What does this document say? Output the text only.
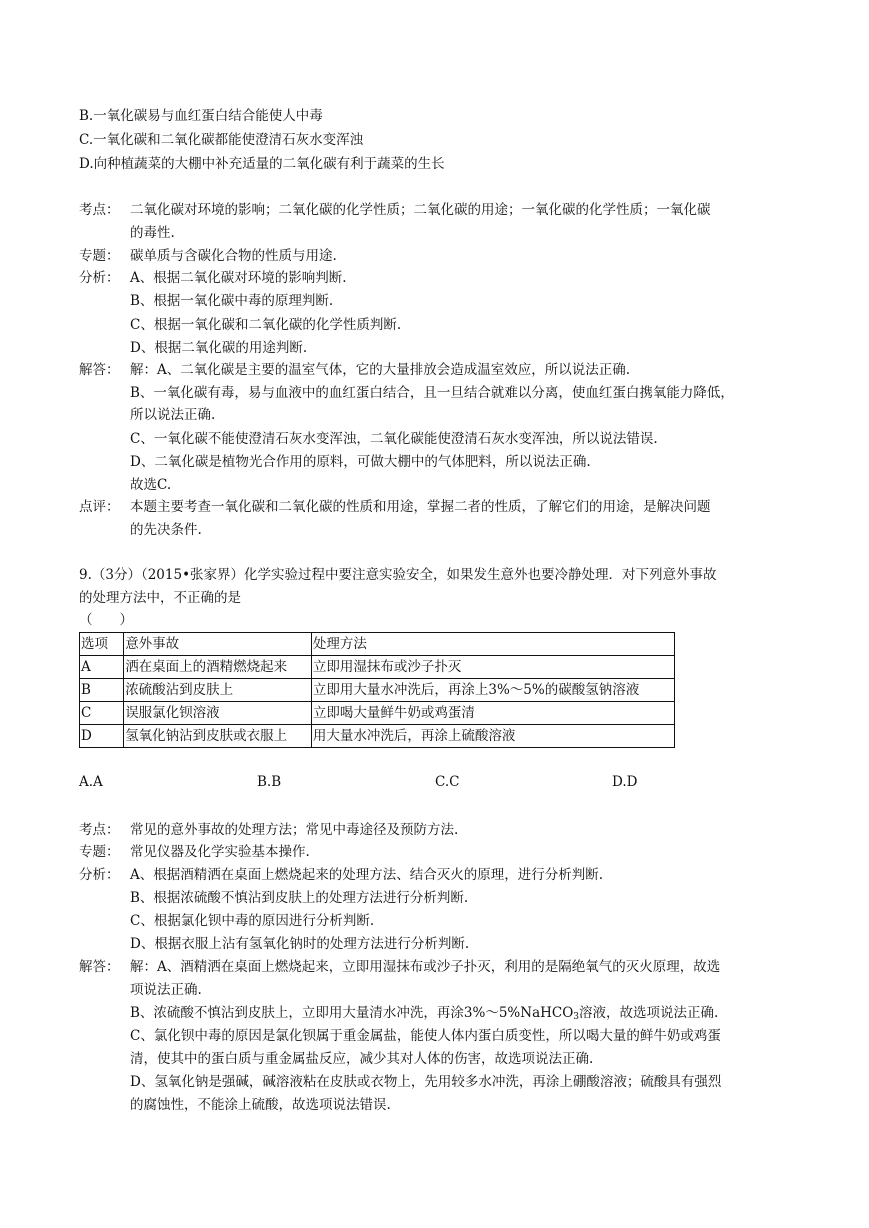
B.一氧化碳易与血红蛋白结合能使人中毒
C.一氧化碳和二氧化碳都能使澄清石灰水变浑浊
D.向种植蔬菜的大棚中补充适量的二氧化碳有利于蔬菜的生长
考点： 二氧化碳对环境的影响；二氧化碳的化学性质；二氧化碳的用途；一氧化碳的化学性质；一氧化碳
的毒性.
专题： 碳单质与含碳化合物的性质与用途.
分析： A、根据二氧化碳对环境的影响判断.
B、根据一氧化碳中毒的原理判断.
C、根据一氧化碳和二氧化碳的化学性质判断.
D、根据二氧化碳的用途判断.
解答： 解：A、二氧化碳是主要的温室气体，它的大量排放会造成温室效应，所以说法正确.
B、一氧化碳有毒，易与血液中的血红蛋白结合，且一旦结合就难以分离，使血红蛋白携氧能力降低，
所以说法正确.
C、一氧化碳不能使澄清石灰水变浑浊，二氧化碳能使澄清石灰水变浑浊，所以说法错误.
D、二氧化碳是植物光合作用的原料，可做大棚中的气体肥料，所以说法正确.
故选C.
点评： 本题主要考查一氧化碳和二氧化碳的性质和用途，掌握二者的性质，了解它们的用途，是解决问题
的先决条件.
9.（3分）（2015•张家界）化学实验过程中要注意实验安全，如果发生意外也要冷静处理．对下列意外事故
的处理方法中，不正确的是
（　　）
选项	意外事故	处理方法
A	洒在桌面上的酒精燃烧起来	立即用湿抹布或沙子扑灭
B	浓硫酸沾到皮肤上	立即用大量水冲洗后，再涂上3%～5%的碳酸氢钠溶液
C	误服氯化钡溶液	立即喝大量鲜牛奶或鸡蛋清
D	氢氧化钠沾到皮肤或衣服上	用大量水冲洗后，再涂上硫酸溶液
A.A	B.B	C.C	D.D
考点： 常见的意外事故的处理方法；常见中毒途径及预防方法.
专题： 常见仪器及化学实验基本操作.
分析： A、根据酒精洒在桌面上燃烧起来的处理方法、结合灭火的原理，进行分析判断.
B、根据浓硫酸不慎沾到皮肤上的处理方法进行分析判断.
C、根据氯化钡中毒的原因进行分析判断.
D、根据衣服上沾有氢氧化钠时的处理方法进行分析判断.
解答： 解：A、酒精洒在桌面上燃烧起来，立即用湿抹布或沙子扑灭，利用的是隔绝氧气的灭火原理，故选
项说法正确.
B、浓硫酸不慎沾到皮肤上，立即用大量清水冲洗，再涂3%～5%NaHCO$_3$溶液，故选项说法正确.
C、氯化钡中毒的原因是氯化钡属于重金属盐，能使人体内蛋白质变性，所以喝大量的鲜牛奶或鸡蛋
清，使其中的蛋白质与重金属盐反应，减少其对人体的伤害，故选项说法正确.
D、氢氧化钠是强碱，碱溶液粘在皮肤或衣物上，先用较多水冲洗，再涂上硼酸溶液；硫酸具有强烈
的腐蚀性，不能涂上硫酸，故选项说法错误.
